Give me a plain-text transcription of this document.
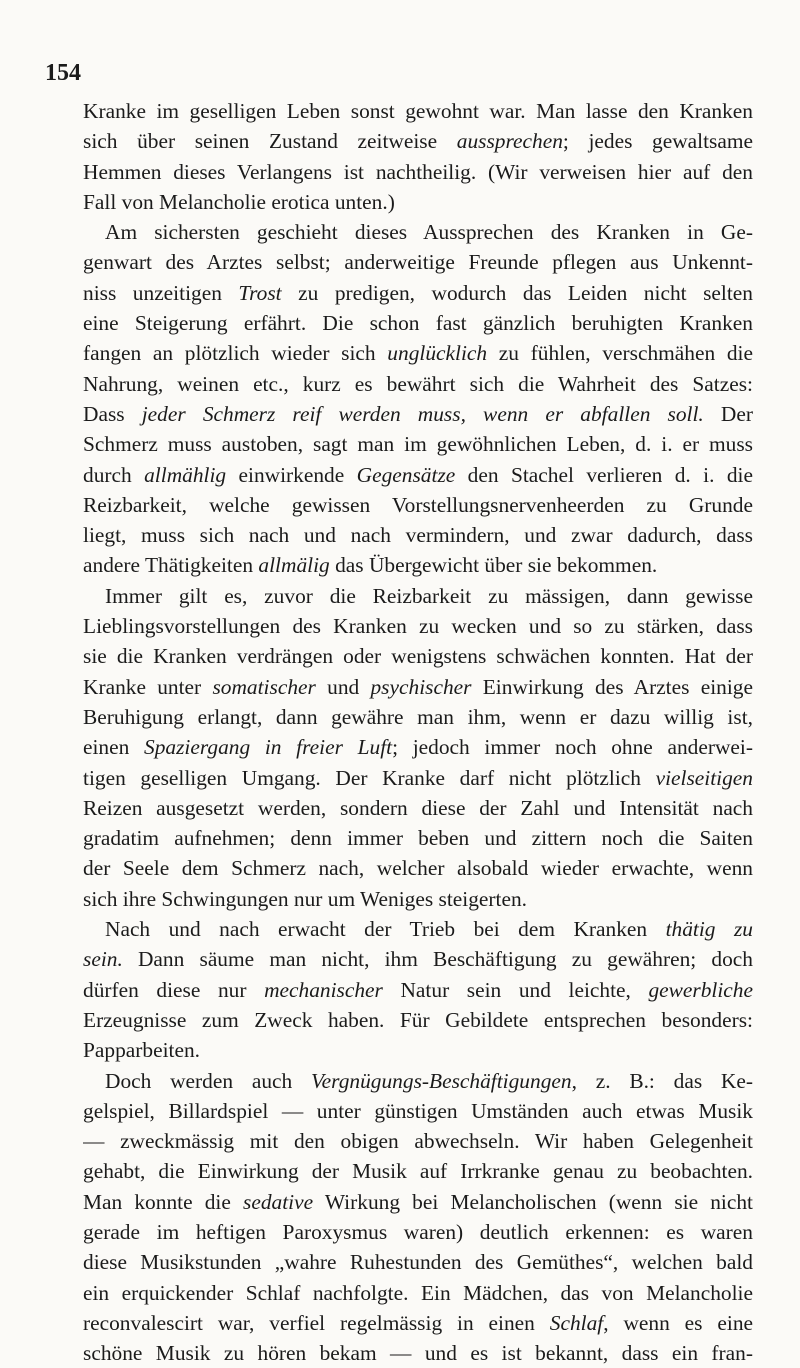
154
Kranke im geselligen Leben sonst gewohnt war. Man lasse den Kranken
sich über seinen Zustand zeitweise aussprechen; jedes gewaltsame
Hemmen dieses Verlangens ist nachtheilig. (Wir verweisen hier auf den
Fall von Melancholie erotica unten.)
Am sichersten geschieht dieses Aussprechen des Kranken in Ge-
genwart des Arztes selbst; anderweitige Freunde pflegen aus Unkennt-
niss unzeitigen Trost zu predigen, wodurch das Leiden nicht selten
eine Steigerung erfährt. Die schon fast gänzlich beruhigten Kranken
fangen an plötzlich wieder sich unglücklich zu fühlen, verschmähen die
Nahrung, weinen etc., kurz es bewährt sich die Wahrheit des Satzes:
Dass jeder Schmerz reif werden muss, wenn er abfallen soll. Der
Schmerz muss austoben, sagt man im gewöhnlichen Leben, d. i. er muss
durch allmählig einwirkende Gegensätze den Stachel verlieren d. i. die
Reizbarkeit, welche gewissen Vorstellungsnervenheerden zu Grunde
liegt, muss sich nach und nach vermindern, und zwar dadurch, dass
andere Thätigkeiten allmälig das Übergewicht über sie bekommen.
Immer gilt es, zuvor die Reizbarkeit zu mässigen, dann gewisse
Lieblingsvorstellungen des Kranken zu wecken und so zu stärken, dass
sie die Kranken verdrängen oder wenigstens schwächen konnten. Hat der
Kranke unter somatischer und psychischer Einwirkung des Arztes einige
Beruhigung erlangt, dann gewähre man ihm, wenn er dazu willig ist,
einen Spaziergang in freier Luft; jedoch immer noch ohne anderwei-
tigen geselligen Umgang. Der Kranke darf nicht plötzlich vielseitigen
Reizen ausgesetzt werden, sondern diese der Zahl und Intensität nach
gradatim aufnehmen; denn immer beben und zittern noch die Saiten
der Seele dem Schmerz nach, welcher alsobald wieder erwachte, wenn
sich ihre Schwingungen nur um Weniges steigerten.
Nach und nach erwacht der Trieb bei dem Kranken thätig zu
sein. Dann säume man nicht, ihm Beschäftigung zu gewähren; doch
dürfen diese nur mechanischer Natur sein und leichte, gewerbliche
Erzeugnisse zum Zweck haben. Für Gebildete entsprechen besonders:
Papparbeiten.
Doch werden auch Vergnügungs-Beschäftigungen, z. B.: das Ke-
gelspiel, Billardspiel — unter günstigen Umständen auch etwas Musik
— zweckmässig mit den obigen abwechseln. Wir haben Gelegenheit
gehabt, die Einwirkung der Musik auf Irrkranke genau zu beobachten.
Man konnte die sedative Wirkung bei Melancholischen (wenn sie nicht
gerade im heftigen Paroxysmus waren) deutlich erkennen: es waren
diese Musikstunden „wahre Ruhestunden des Gemüthes“, welchen bald
ein erquickender Schlaf nachfolgte. Ein Mädchen, das von Melancholie
reconvalescirt war, verfiel regelmässig in einen Schlaf, wenn es eine
schöne Musik zu hören bekam — und es ist bekannt, dass ein fran-
